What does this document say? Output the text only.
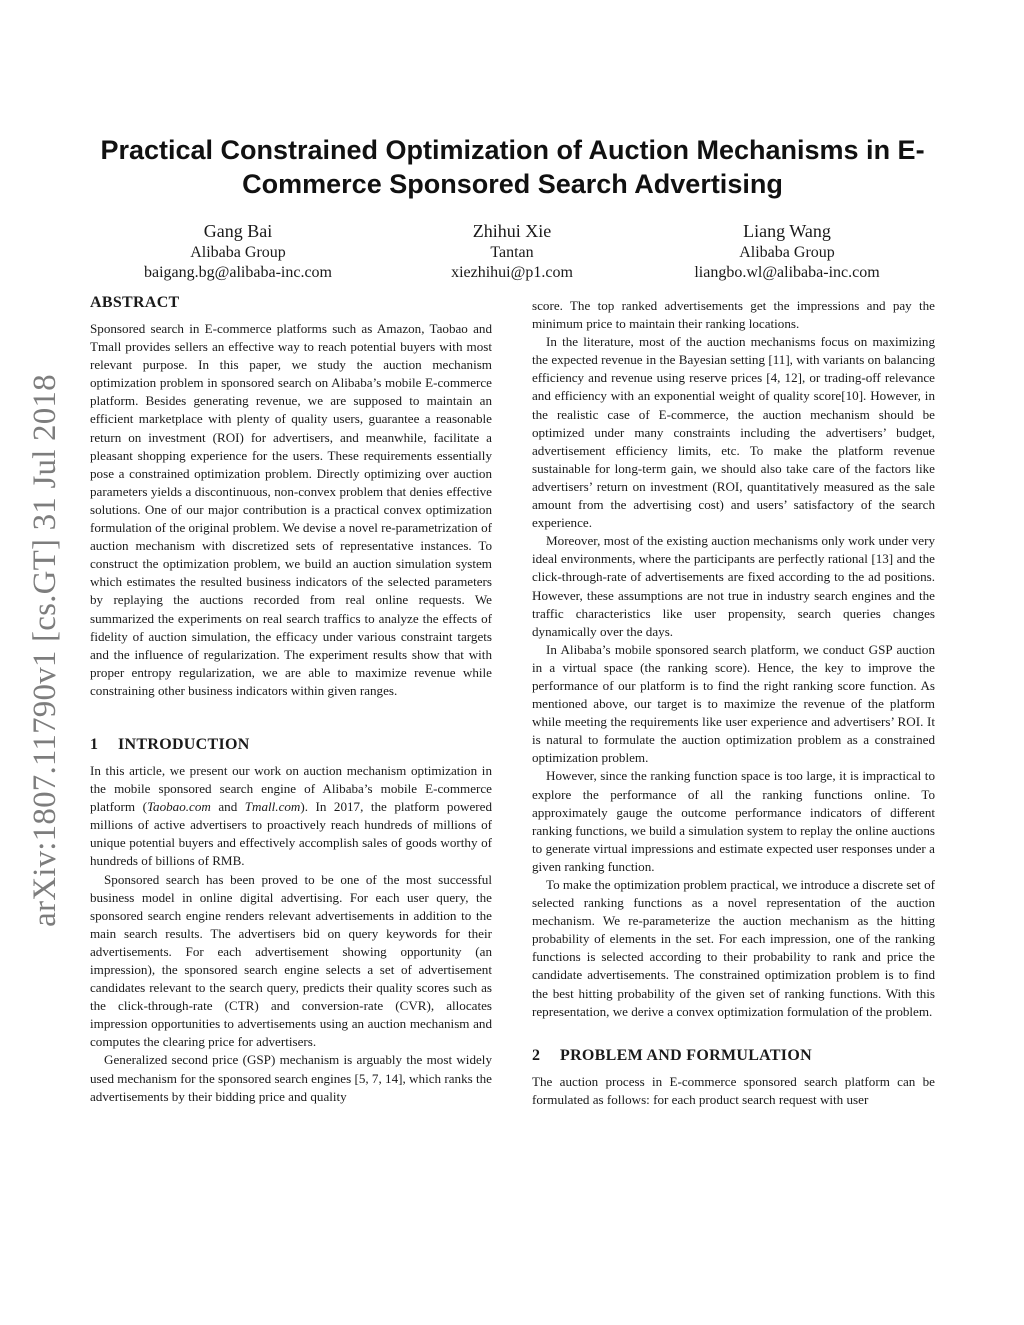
arXiv:1807.11790v1 [cs.GT] 31 Jul 2018
Practical Constrained Optimization of Auction Mechanisms in E-Commerce Sponsored Search Advertising
Gang Bai
Alibaba Group
baigang.bg@alibaba-inc.com
Zhihui Xie
Tantan
xiezhihui@p1.com
Liang Wang
Alibaba Group
liangbo.wl@alibaba-inc.com
ABSTRACT

Sponsored search in E-commerce platforms such as Amazon, Taobao and Tmall provides sellers an effective way to reach potential buyers with most relevant purpose. In this paper, we study the auction mechanism optimization problem in sponsored search on Alibaba’s mobile E-commerce platform. Besides generating revenue, we are supposed to maintain an efficient marketplace with plenty of quality users, guarantee a reasonable return on investment (ROI) for advertisers, and meanwhile, facilitate a pleasant shopping experience for the users. These requirements essentially pose a constrained optimization problem. Directly optimizing over auction parameters yields a discontinuous, non-convex problem that denies effective solutions. One of our major contribution is a practical convex optimization formulation of the original problem. We devise a novel re-parametrization of auction mechanism with discretized sets of representative instances. To construct the optimization problem, we build an auction simulation system which estimates the resulted business indicators of the selected parameters by replaying the auctions recorded from real online requests. We summarized the experiments on real search traffics to analyze the effects of fidelity of auction simulation, the efficacy under various constraint targets and the influence of regularization. The experiment results show that with proper entropy regularization, we are able to maximize revenue while constraining other business indicators within given ranges.

1 INTRODUCTION

In this article, we present our work on auction mechanism optimization in the mobile sponsored search engine of Alibaba’s mobile E-commerce platform (Taobao.com and Tmall.com). In 2017, the platform powered millions of active advertisers to proactively reach hundreds of millions of unique potential buyers and effectively accomplish sales of goods worthy of hundreds of billions of RMB.

Sponsored search has been proved to be one of the most successful business model in online digital advertising. For each user query, the sponsored search engine renders relevant advertisements in addition to the main search results. The advertisers bid on query keywords for their advertisements. For each advertisement showing opportunity (an impression), the sponsored search engine selects a set of advertisement candidates relevant to the search query, predicts their quality scores such as the click-through-rate (CTR) and conversion-rate (CVR), allocates impression opportunities to advertisements using an auction mechanism and computes the clearing price for advertisers.

Generalized second price (GSP) mechanism is arguably the most widely used mechanism for the sponsored search engines [5, 7, 14], which ranks the advertisements by their bidding price and quality

score. The top ranked advertisements get the impressions and pay the minimum price to maintain their ranking locations.

In the literature, most of the auction mechanisms focus on maximizing the expected revenue in the Bayesian setting [11], with variants on balancing efficiency and revenue using reserve prices [4, 12], or trading-off relevance and efficiency with an exponential weight of quality score[10]. However, in the realistic case of E-commerce, the auction mechanism should be optimized under many constraints including the advertisers’ budget, advertisement efficiency limits, etc. To make the platform revenue sustainable for long-term gain, we should also take care of the factors like advertisers’ return on investment (ROI, quantitatively measured as the sale amount from the advertising cost) and users’ satisfactory of the search experience.

Moreover, most of the existing auction mechanisms only work under very ideal environments, where the participants are perfectly rational [13] and the click-through-rate of advertisements are fixed according to the ad positions. However, these assumptions are not true in industry search engines and the traffic characteristics like user propensity, search queries changes dynamically over the days.

In Alibaba’s mobile sponsored search platform, we conduct GSP auction in a virtual space (the ranking score). Hence, the key to improve the performance of our platform is to find the right ranking score function. As mentioned above, our target is to maximize the revenue of the platform while meeting the requirements like user experience and advertisers’ ROI. It is natural to formulate the auction optimization problem as a constrained optimization problem.

However, since the ranking function space is too large, it is impractical to explore the performance of all the ranking functions online. To approximately gauge the outcome performance indicators of different ranking functions, we build a simulation system to replay the online auctions to generate virtual impressions and estimate expected user responses under a given ranking function.

To make the optimization problem practical, we introduce a discrete set of selected ranking functions as a novel representation of the auction mechanism. We re-parameterize the auction mechanism as the hitting probability of elements in the set. For each impression, one of the ranking functions is selected according to their probability to rank and price the candidate advertisements. The constrained optimization problem is to find the best hitting probability of the given set of ranking functions. With this representation, we derive a convex optimization formulation of the problem.

2 PROBLEM AND FORMULATION

The auction process in E-commerce sponsored search platform can be formulated as follows: for each product search request with user
